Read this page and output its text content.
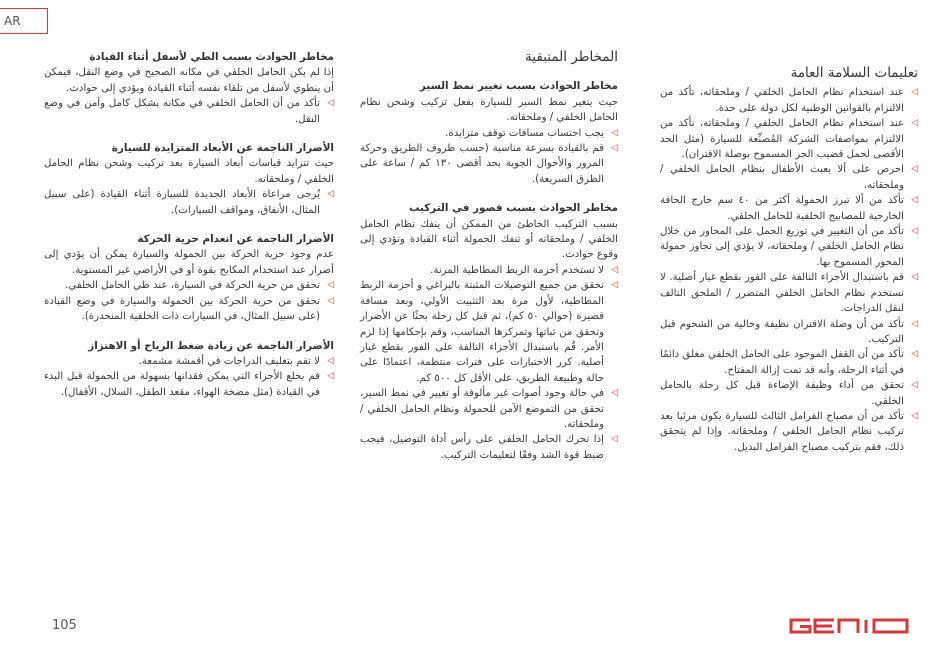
AR
تعليمات السلامة العامة
◁
عند استخدام نظام الحامل الخلفي / وملحقاته، تأكد من الالتزام بالقوانين الوطنية لكل دولة على حدة.
◁
عند استخدام نظام الحامل الخلفي / وملحقاته، تأكد من الالتزام بمواصفات الشركة المُصنِّعة للسيارة (مثل الحد الأقصى لحمل قضيب الجر المسموح بوصلة الاقتران).
◁
احرص على ألا يعبث الأطفال بنظام الحامل الخلفي / وملحقاته.
◁
تأكد من ألا تبرز الحمولة أكثر من ٤٠ سم خارج الحافة الخارجية للمصابيح الخلفية للحامل الخلفي.
◁
تأكد من أن التغيير في توزيع الحمل على المحاور من خلال نظام الحامل الخلفي / وملحقاته، لا يؤدي إلى تجاوز حمولة المحور المسموح بها.
◁
قم باستبدال الأجزاء التالفة على الفور بقطع غيار أصلية. لا تستخدم نظام الحامل الخلفي المتضرر / الملحق التالف لنقل الدراجات.
◁
تأكد من أن وصلة الاقتران نظيفة وخالية من الشحوم قبل التركيب.
◁
تأكد من أن القفل الموجود على الحامل الخلفي مغلق دائمًا في أثناء الرحلة، وأنه قد تمت إزالة المفتاح.
◁
تحقق من أداء وظيفة الإضاءة قبل كل رحلة بالحامل الخلفي.
◁
تأكد من أن مصباح الفرامل الثالث للسيارة يكون مرئيا بعد تركيب نظام الحامل الخلفي / وملحقاته. وإذا لم يتحقق ذلك، فقم بتركيب مصباح الفرامل البديل.
المخاطر المتبقية

مخاطر الحوادث بسبب تغيير نمط السير

حيث يتغير نمط السير للسيارة بفعل تركيب وشحن نظام الحامل الخلفي / وملحقاته.

◁
يجب احتساب مسافات توقف متزايدة.
◁
قم بالقيادة بسرعة مناسبة (حسب ظروف الطريق وحركة المرور والأحوال الجوية بحد أقصى ١٣٠ كم / ساعة على الطرق السريعة).

مخاطر الحوادث بسبب قصور في التركيب

بسبب التركيب الخاطئ من الممكن أن ينفك نظام الحامل الخلفي / وملحقاته أو تنفك الحمولة أثناء القيادة وتؤدي إلى وقوع حوادث.

◁
لا تستخدم أحزمة الربط المطاطية المرنة.
◁
تحقق من جميع التوصيلات المثبتة بالبراغي و أحزمة الربط المطاطية، لأول مرة بعد التثبيت الأولي، وبعد مسافة قصيرة (حوالي ٥٠ كم)، ثم قبل كل رحلة بحثًا عن الأضرار وتحقق من ثباتها وتمركزها المناسب، وقم بإحكامها إذا لزم الأمر. قُم باستبدال الأجزاء التالفة على الفور بقطع غيار أصلية. كرر الاختبارات على فترات منتظمة، اعتمادًا على حالة وطبيعة الطريق، على الأقل كل ٥٠٠ كم.
◁
في حالة وجود أصوات غير مألوفة أو تغيير في نمط السير، تحقق من التموضع الآمن للحمولة ونظام الحامل الخلفي / وملحقاته.
◁
إذا تحرك الحامل الخلفي على رأس أداة التوصيل، فيجب ضبط قوة الشد وفقًا لتعليمات التركيب.

مخاطر الحوادث بسبب الطي لأسفل أثناء القيادة

إذا لم يكن الحامل الخلفي في مكانه الصحيح في وضع النقل، فيمكن أن ينطوي لأسفل من تلقاء نفسه أثناء القيادة ويؤدي إلى حوادث.

◁
تأكد من أن الحامل الخلفي في مكانه بشكل كامل وآمن في وضع النقل.

الأضرار الناجمة عن الأبعاد المتزايدة للسيارة

حيث تتزايد قياسات أبعاد السيارة بعد تركيب وشحن نظام الحامل الخلفي / وملحقاته.

◁
يُرجى مراعاة الأبعاد الجديدة للسيارة أثناء القيادة (على سبيل المثال، الأنفاق، ومواقف السيارات).

الأضرار الناجمة عن انعدام حرية الحركة

عدم وجود حرية الحركة بين الحمولة والسيارة يمكن أن يؤدي إلى أضرار عند استخدام المكابح بقوة أو في الأراضي غير المستوية.

◁
تحقق من حرية الحركة في السيارة، عند طي الحامل الخلفي.
◁
تحقق من حرية الحركة بين الحمولة والسيارة في وضع القيادة (على سبيل المثال، في السيارات ذات الخلفية المنحدرة).

الأضرار الناجمة عن زيادة ضغط الرياح أو الاهتزاز

◁
لا تقم بتغليف الدراجات في أقمشة مشمعة.
◁
قم بخلع الأجزاء التي يمكن فقدانها بسهولة من الحمولة قبل البدء في القيادة (مثل مضخة الهواء، مقعد الطفل، السلال، الأقفال).
105
